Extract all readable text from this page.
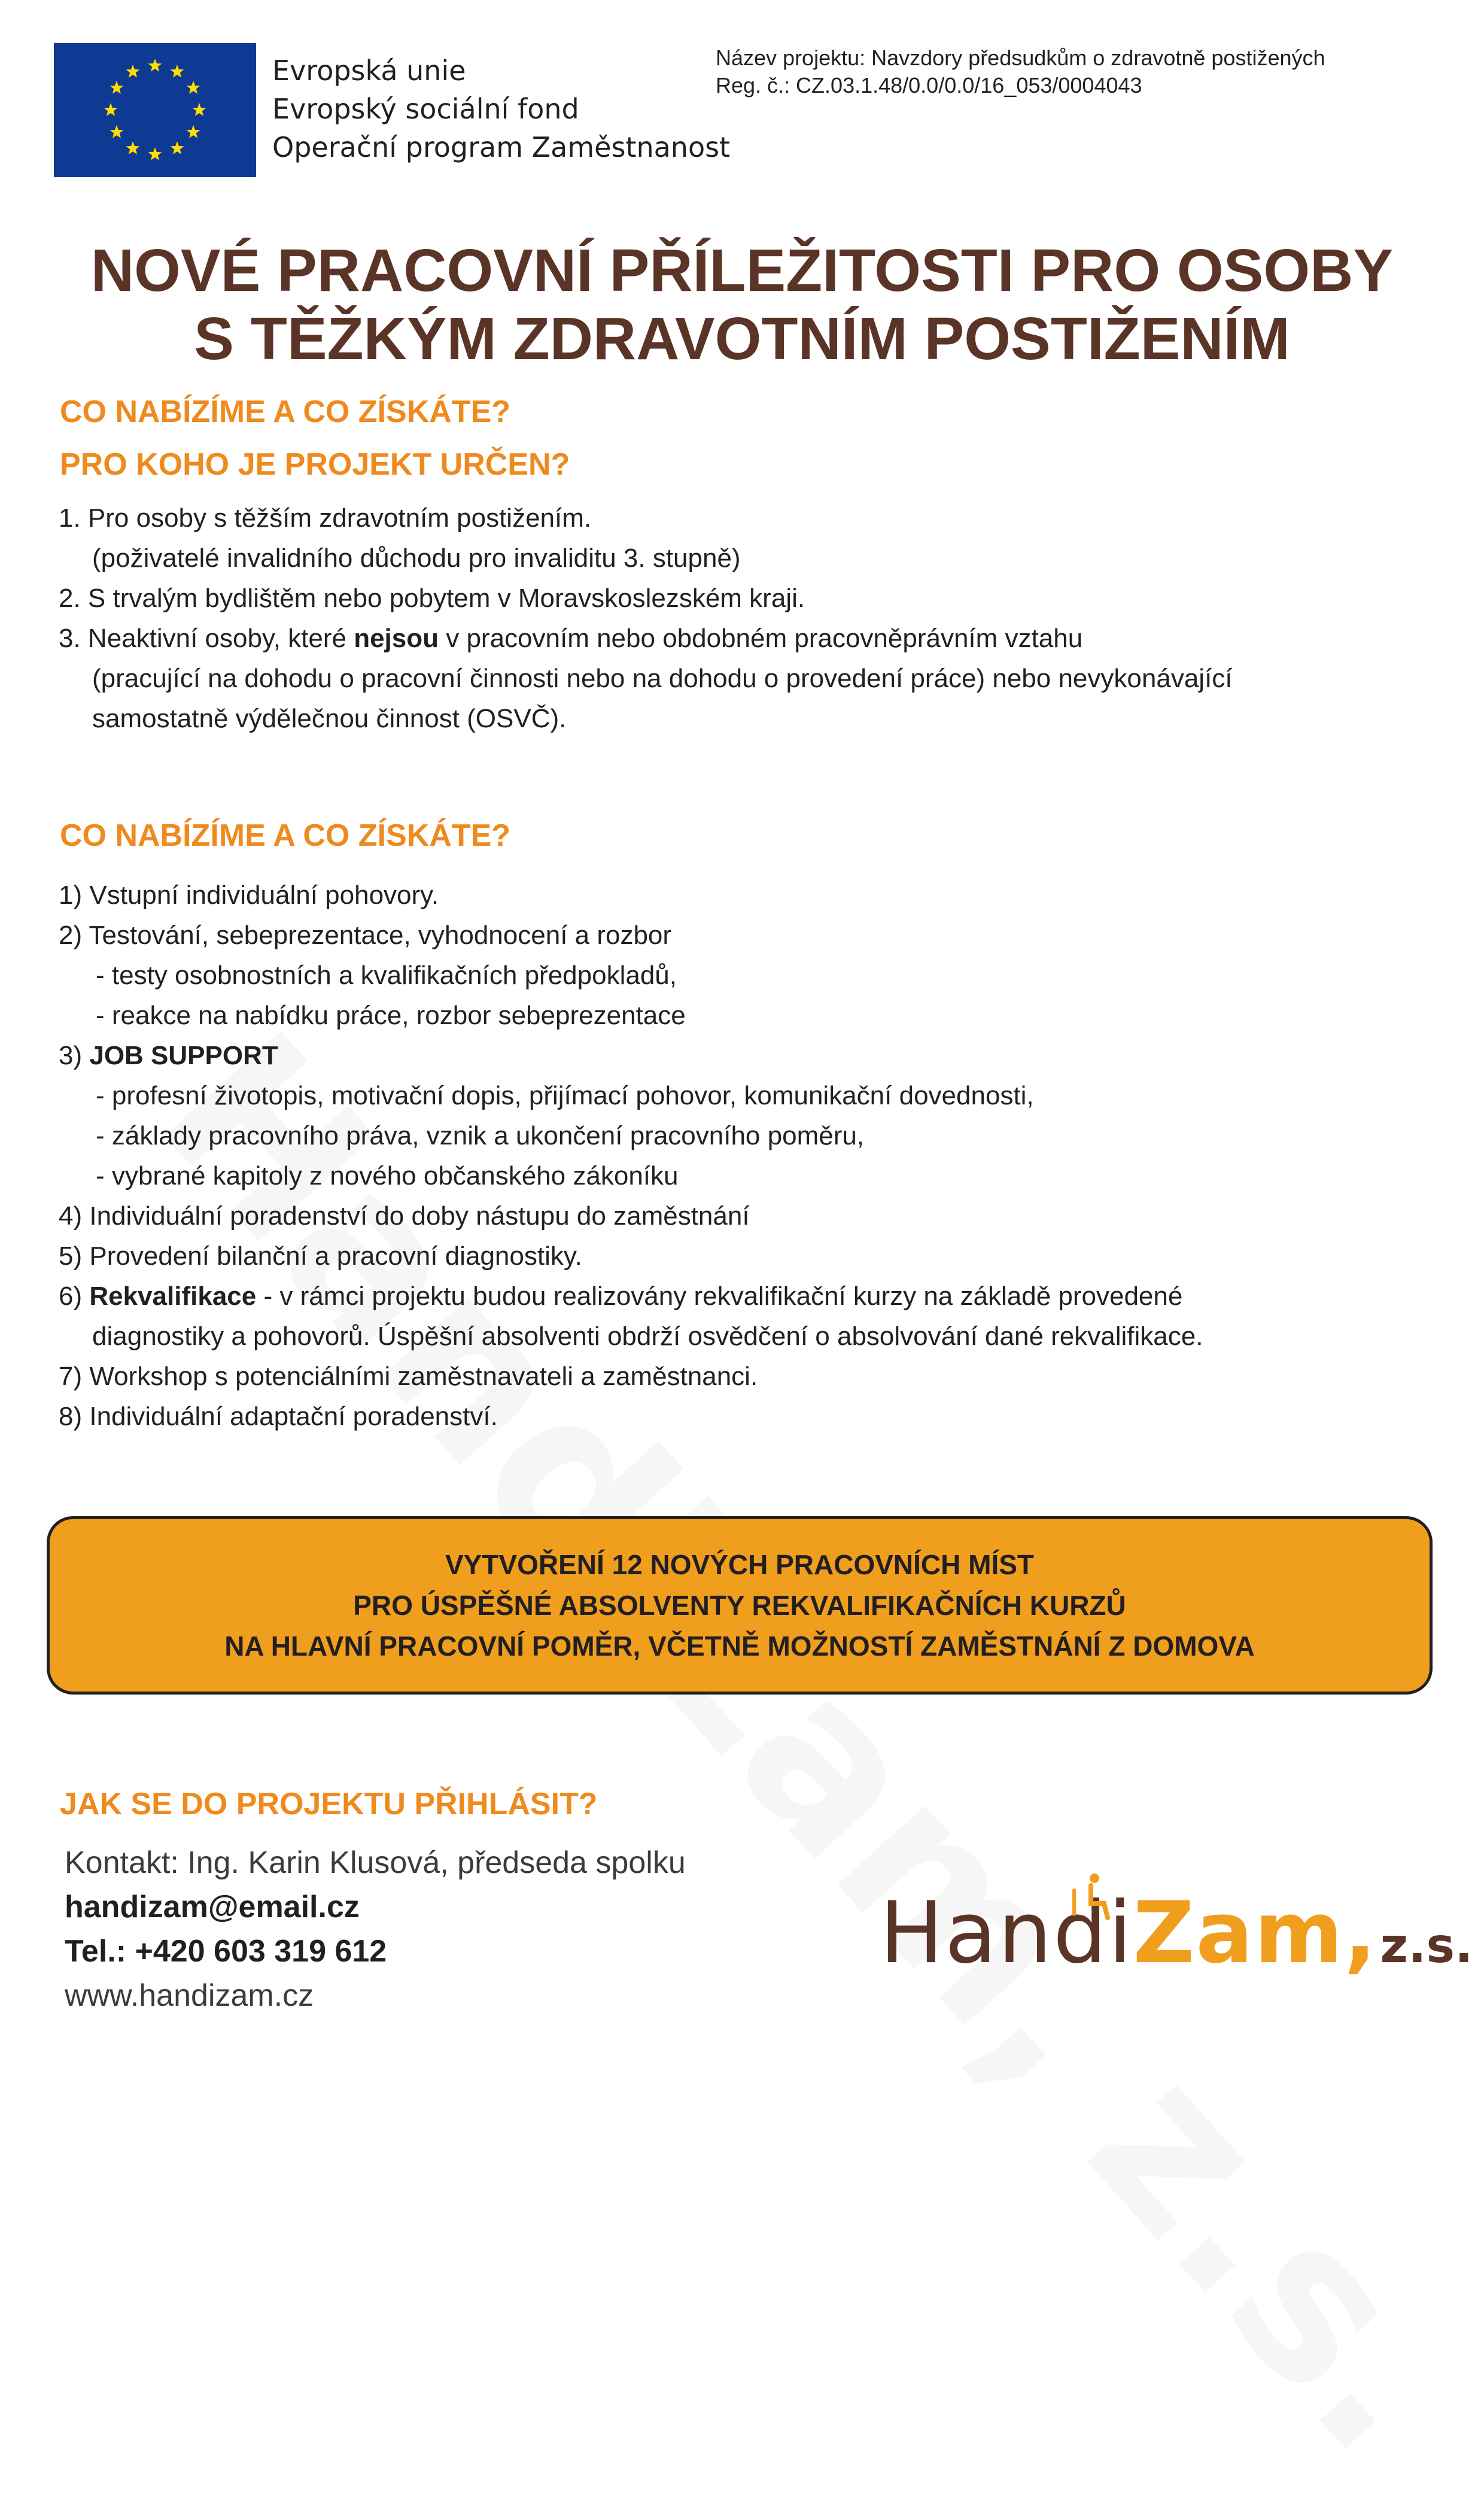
Evropská unie
Evropský sociální fond
Operační program Zaměstnanost
Název projektu: Navzdory předsudkům o zdravotně postižených
Reg. č.: CZ.03.1.48/0.0/0.0/16_053/0004043
NOVÉ PRACOVNÍ PŘÍLEŽITOSTI PRO OSOBY
S TĚŽKÝM ZDRAVOTNÍM POSTIŽENÍM
CO NABÍZÍME A CO ZÍSKÁTE?
PRO KOHO JE PROJEKT URČEN?
1. Pro osoby s těžším zdravotním postižením.
(poživatelé invalidního důchodu pro invaliditu 3. stupně)
2. S trvalým bydlištěm nebo pobytem v Moravskoslezském kraji.
3. Neaktivní osoby, které nejsou v pracovním nebo obdobném pracovněprávním vztahu
(pracující na dohodu o pracovní činnosti nebo na dohodu o provedení práce) nebo nevykonávající
samostatně výdělečnou činnost (OSVČ).
CO NABÍZÍME A CO ZÍSKÁTE?
1) Vstupní individuální pohovory.
2) Testování, sebeprezentace, vyhodnocení a rozbor
- testy osobnostních a kvalifikačních předpokladů,
- reakce na nabídku práce, rozbor sebeprezentace
3) JOB SUPPORT
- profesní životopis, motivační dopis, přijímací pohovor, komunikační dovednosti,
- základy pracovního práva, vznik a ukončení pracovního poměru,
- vybrané kapitoly z nového občanského zákoníku
4) Individuální poradenství do doby nástupu do zaměstnání
5) Provedení bilanční a pracovní diagnostiky.
6) Rekvalifikace - v rámci projektu budou realizovány rekvalifikační kurzy na základě provedené
diagnostiky a pohovorů. Úspěšní absolventi obdrží osvědčení o absolvování dané rekvalifikace.
7) Workshop s potenciálními zaměstnavateli a zaměstnanci.
8) Individuální adaptační poradenství.
VYTVOŘENÍ 12 NOVÝCH PRACOVNÍCH MÍST
PRO ÚSPĚŠNÉ ABSOLVENTY REKVALIFIKAČNÍCH KURZŮ
NA HLAVNÍ PRACOVNÍ POMĚR, VČETNĚ MOŽNOSTÍ ZAMĚSTNÁNÍ Z DOMOVA
JAK SE DO PROJEKTU PŘIHLÁSIT?
Kontakt: Ing. Karin Klusová, předseda spolku
handizam@email.cz
Tel.: +420 603 319 612
www.handizam.cz
HandiZam, z.s.
